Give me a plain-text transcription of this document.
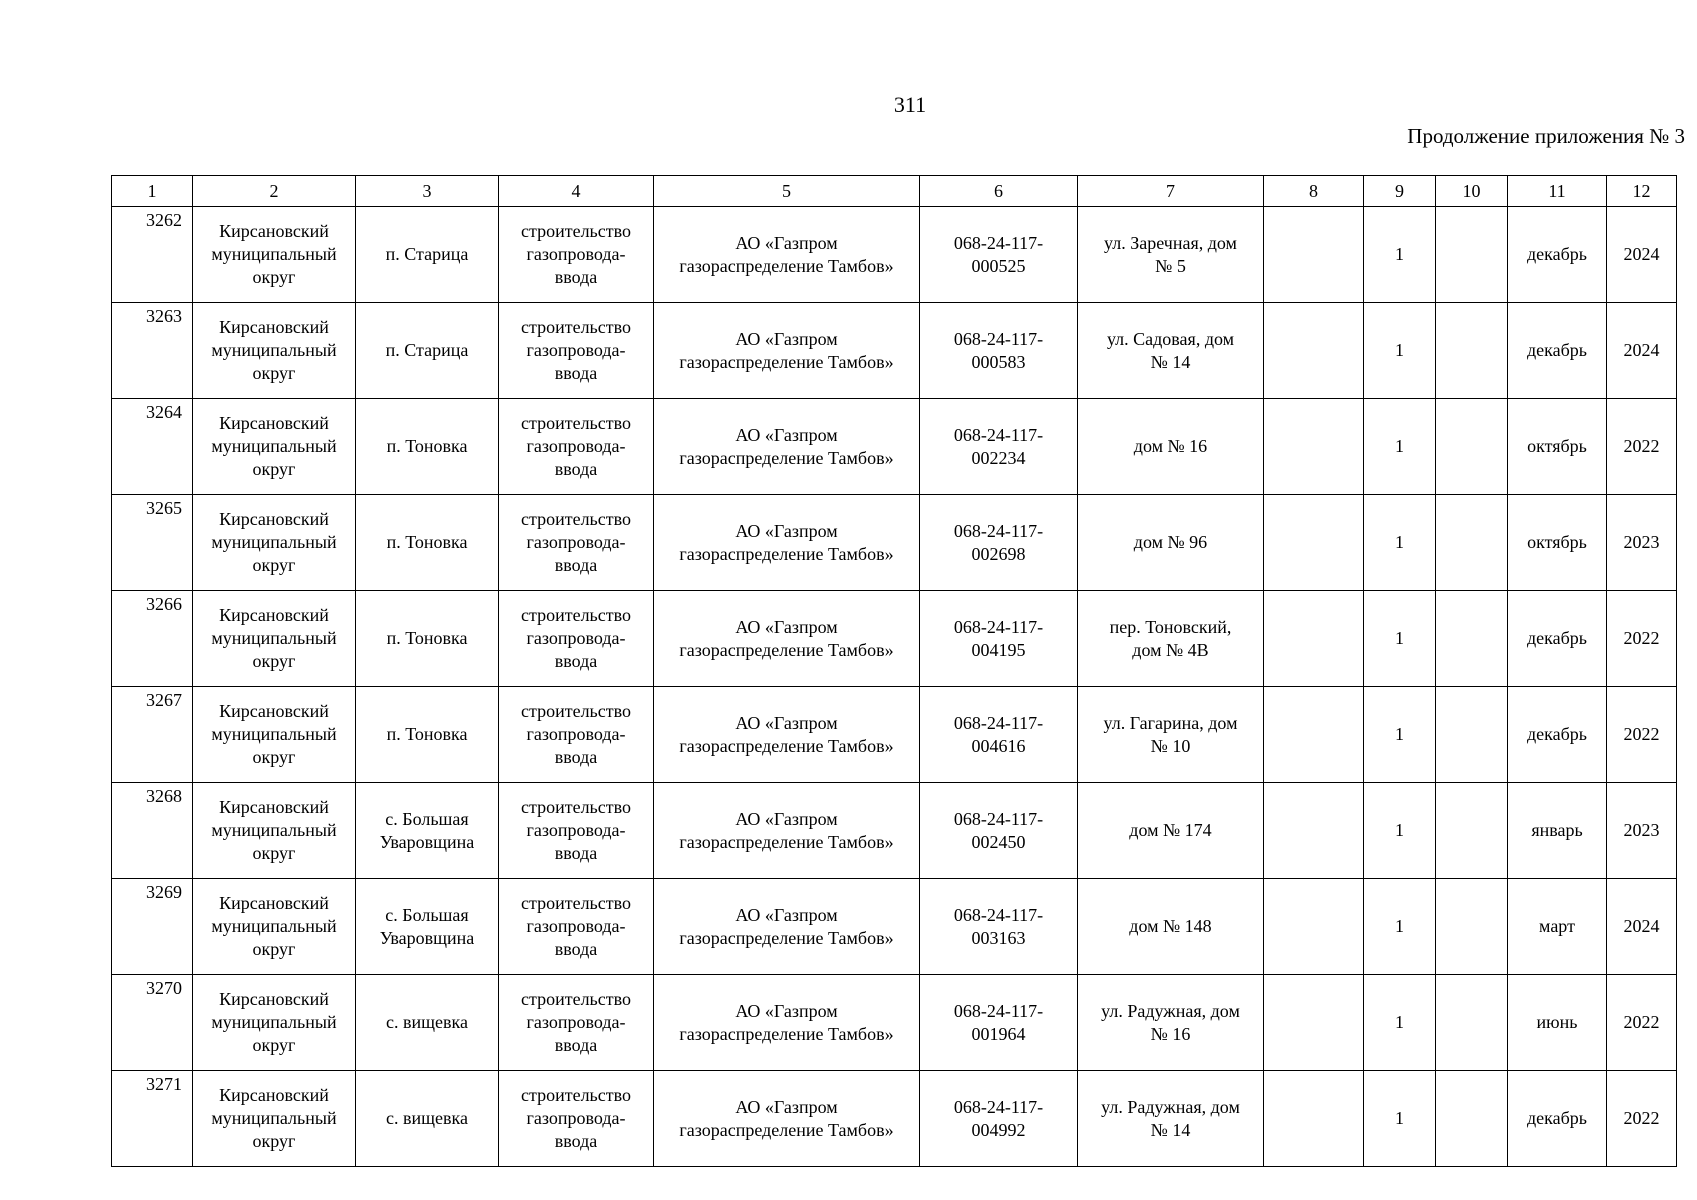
311
Продолжение приложения № 3
1	2	3	4	5	6	7	8	9	10	11	12
3262	Кирсановский
муниципальный
округ	п. Старица	строительство
газопровода-
ввода	АО «Газпром
газораспределение Тамбов»	068-24-117-
000525	ул. Заречная, дом
№ 5		1		декабрь	2024
3263	Кирсановский
муниципальный
округ	п. Старица	строительство
газопровода-
ввода	АО «Газпром
газораспределение Тамбов»	068-24-117-
000583	ул. Садовая, дом
№ 14		1		декабрь	2024
3264	Кирсановский
муниципальный
округ	п. Тоновка	строительство
газопровода-
ввода	АО «Газпром
газораспределение Тамбов»	068-24-117-
002234	дом № 16		1		октябрь	2022
3265	Кирсановский
муниципальный
округ	п. Тоновка	строительство
газопровода-
ввода	АО «Газпром
газораспределение Тамбов»	068-24-117-
002698	дом № 96		1		октябрь	2023
3266	Кирсановский
муниципальный
округ	п. Тоновка	строительство
газопровода-
ввода	АО «Газпром
газораспределение Тамбов»	068-24-117-
004195	пер. Тоновский,
дом № 4В		1		декабрь	2022
3267	Кирсановский
муниципальный
округ	п. Тоновка	строительство
газопровода-
ввода	АО «Газпром
газораспределение Тамбов»	068-24-117-
004616	ул. Гагарина, дом
№ 10		1		декабрь	2022
3268	Кирсановский
муниципальный
округ	с. Большая
Уваровщина	строительство
газопровода-
ввода	АО «Газпром
газораспределение Тамбов»	068-24-117-
002450	дом № 174		1		январь	2023
3269	Кирсановский
муниципальный
округ	с. Большая
Уваровщина	строительство
газопровода-
ввода	АО «Газпром
газораспределение Тамбов»	068-24-117-
003163	дом № 148		1		март	2024
3270	Кирсановский
муниципальный
округ	с. вищевка	строительство
газопровода-
ввода	АО «Газпром
газораспределение Тамбов»	068-24-117-
001964	ул. Радужная, дом
№ 16		1		июнь	2022
3271	Кирсановский
муниципальный
округ	с. вищевка	строительство
газопровода-
ввода	АО «Газпром
газораспределение Тамбов»	068-24-117-
004992	ул. Радужная, дом
№ 14		1		декабрь	2022
